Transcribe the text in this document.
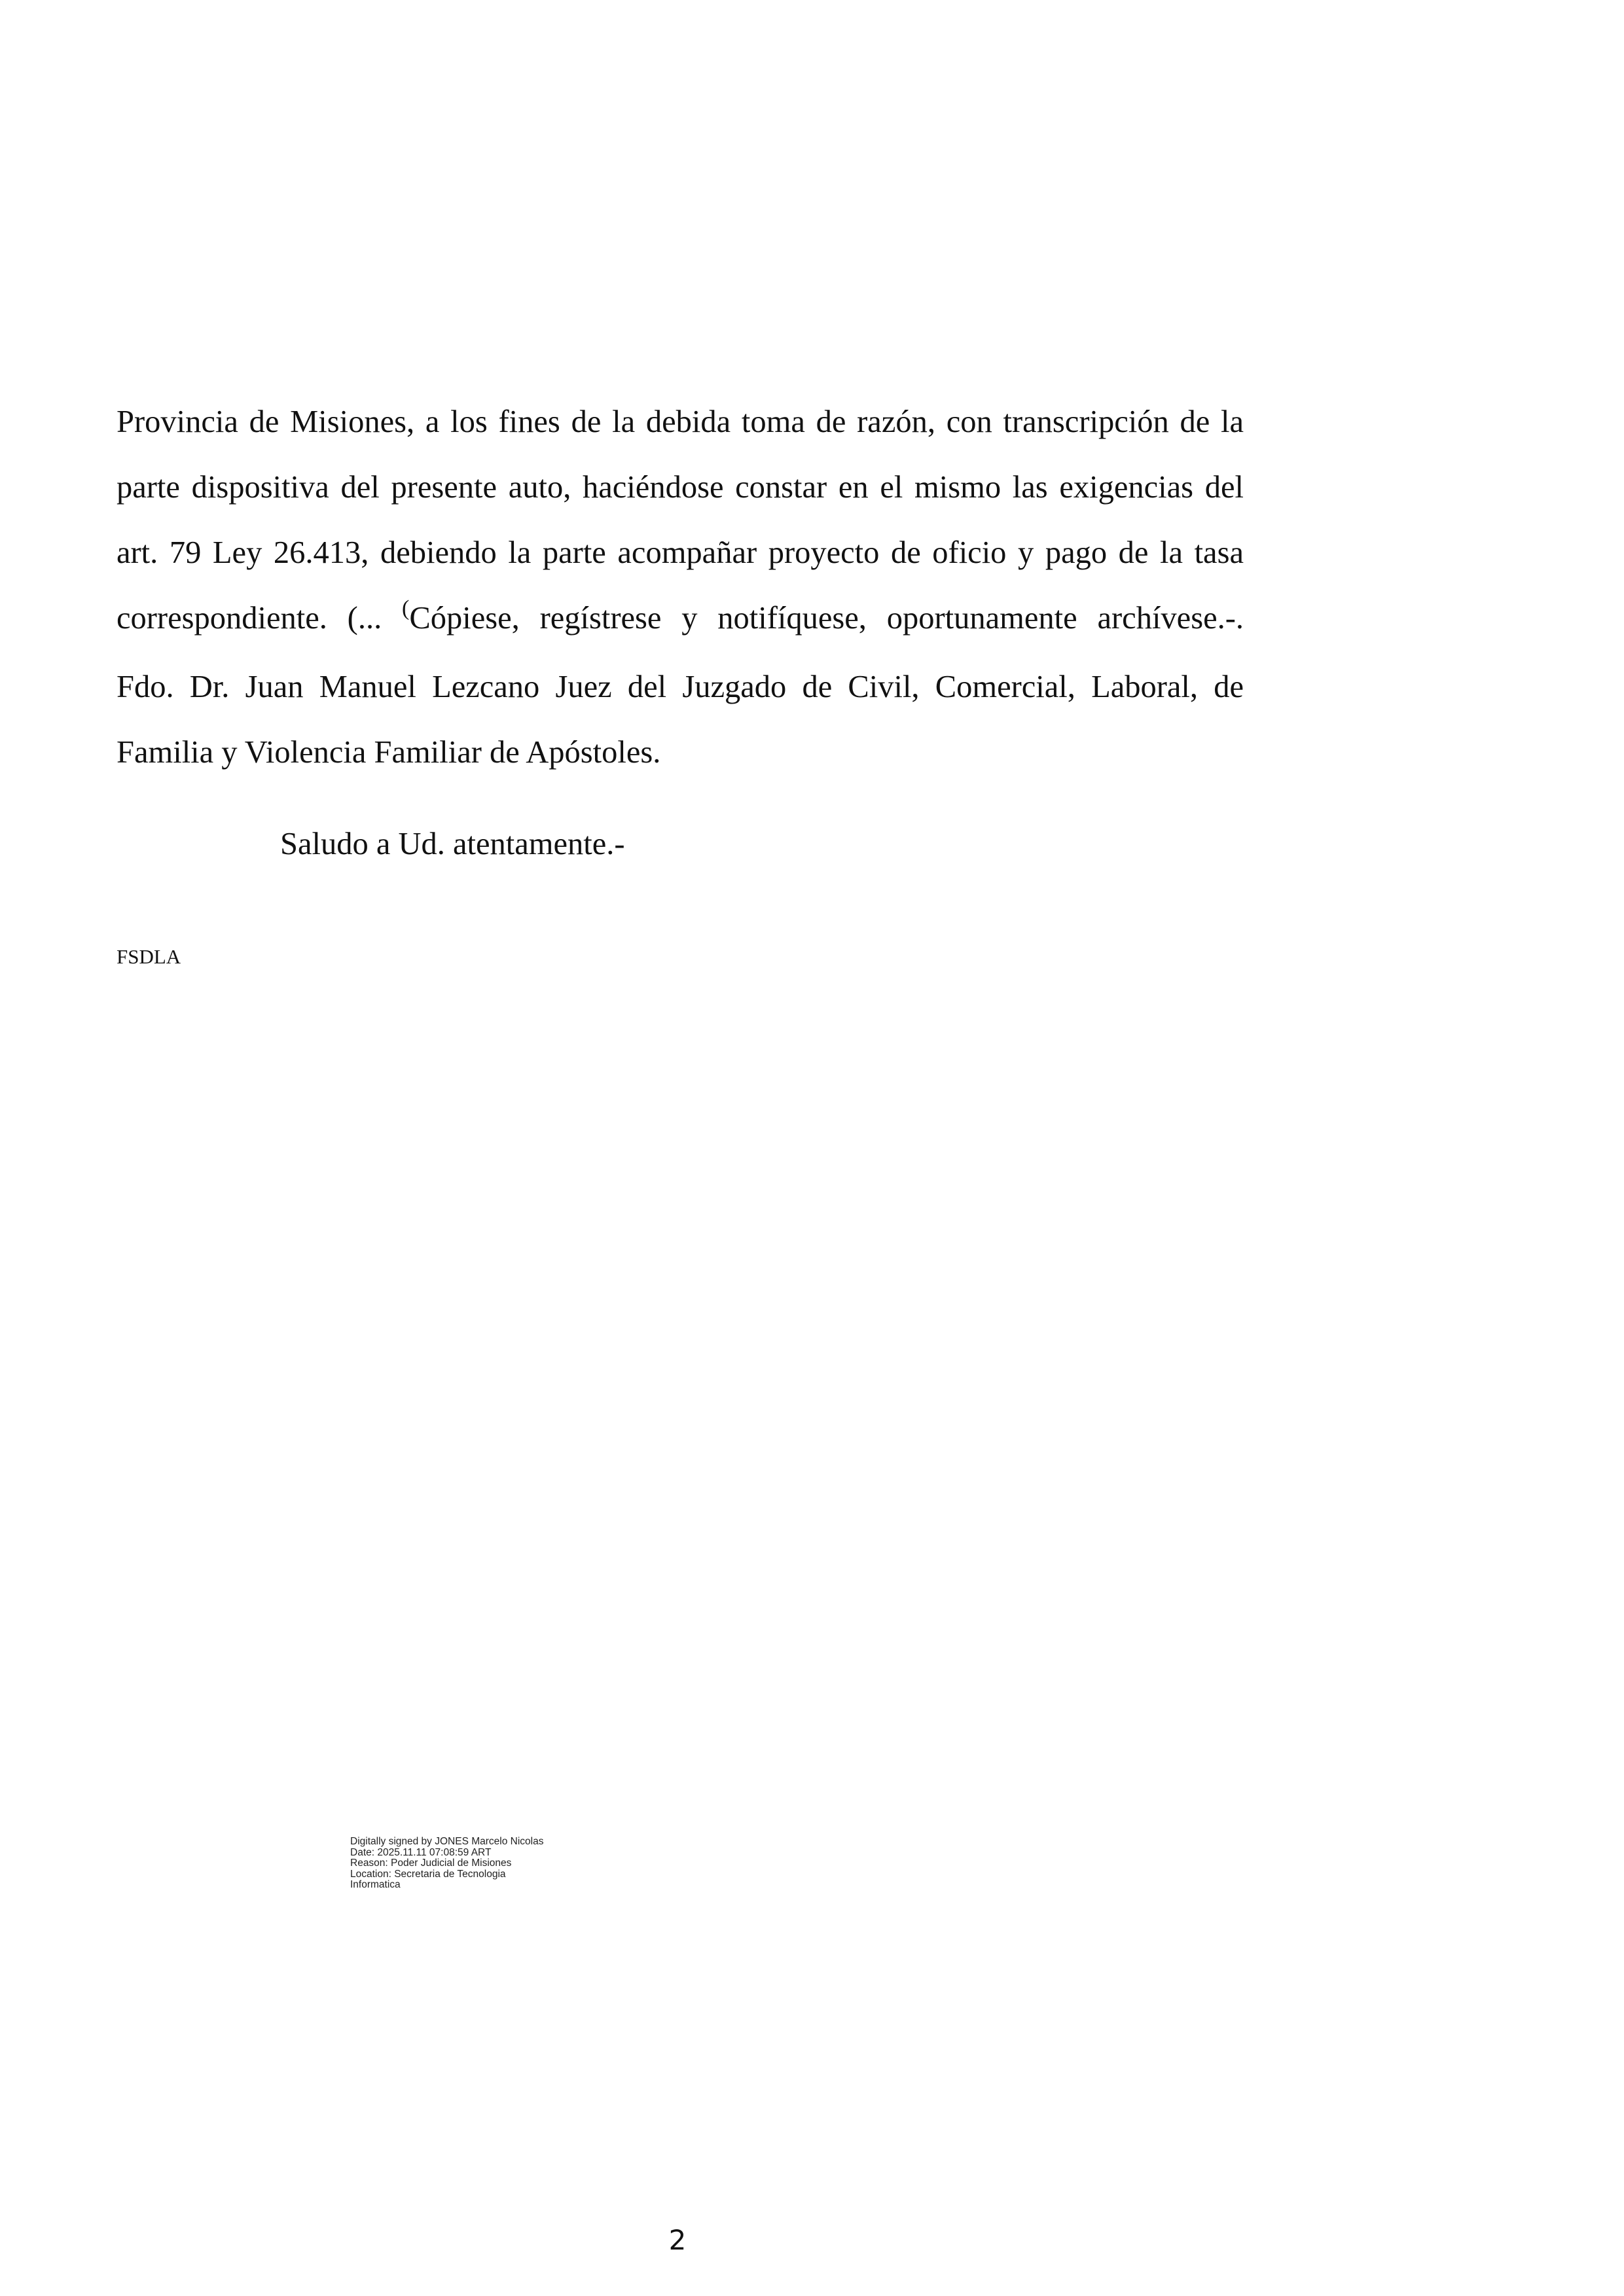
Provincia de Misiones, a los fines de la debida toma de razón, con transcripción de la
parte dispositiva del presente auto, haciéndose constar en el mismo las exigencias del
art. 79 Ley 26.413, debiendo la parte acompañar proyecto de oficio y pago de la tasa
correspondiente. (... (Cópiese, regístrese y notifíquese, oportunamente archívese.-.
Fdo. Dr. Juan Manuel Lezcano Juez del Juzgado de Civil, Comercial, Laboral, de
Familia y Violencia Familiar de Apóstoles.

Saludo a Ud. atentamente.-

FSDLA

Digitally signed by JONES Marcelo Nicolas
Date: 2025.11.11 07:08:59 ART
Reason: Poder Judicial de Misiones
Location: Secretaria de Tecnologia
Informatica
2
